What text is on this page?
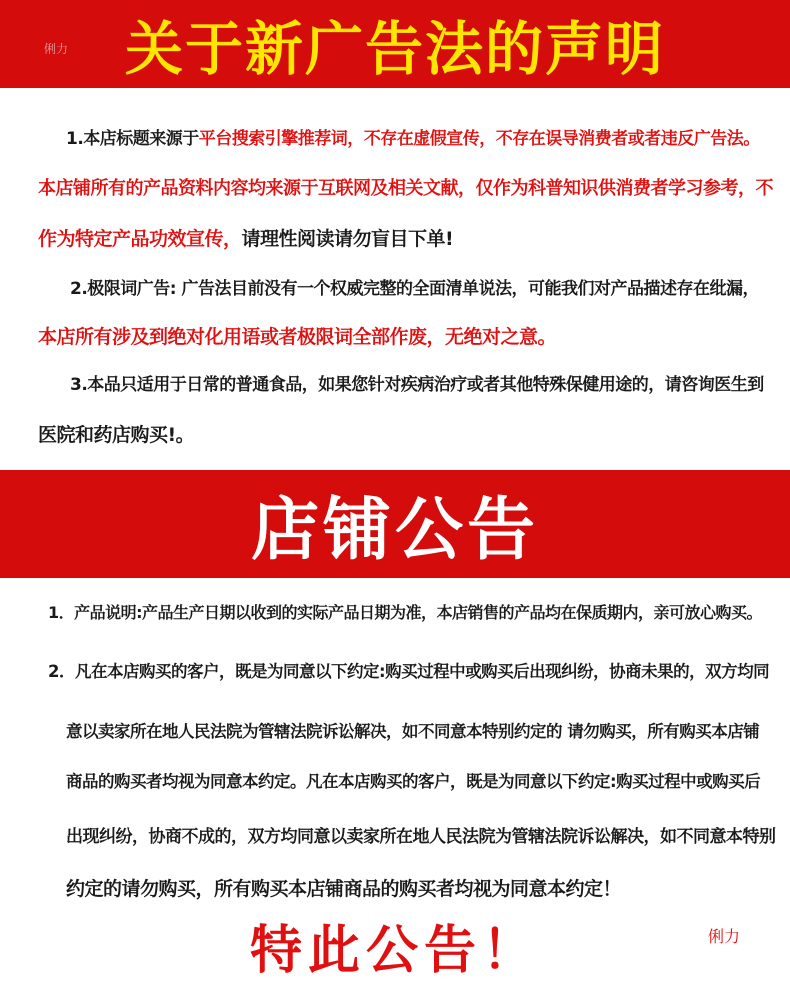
关于新广告法的声明
俐力
1.本店标题来源于平台搜索引擎推荐词，不存在虚假宣传，不存在误导消费者或者违反广告法。
本店铺所有的产品资料内容均来源于互联网及相关文献，仅作为科普知识供消费者学习参考，不
作为特定产品功效宣传，请理性阅读请勿盲目下单!
2.极限词广告: 广告法目前没有一个权威完整的全面清单说法，可能我们对产品描述存在纰漏，
本店所有涉及到绝对化用语或者极限词全部作废，无绝对之意。
3.本品只适用于日常的普通食品，如果您针对疾病治疗或者其他特殊保健用途的，请咨询医生到
医院和药店购买!。
店铺公告
1．产品说明:产品生产日期以收到的实际产品日期为准，本店销售的产品均在保质期内，亲可放心购买。
2．凡在本店购买的客户，既是为同意以下约定:购买过程中或购买后出现纠纷，协商未果的，双方均同
意以卖家所在地人民法院为管辖法院诉讼解决，如不同意本特别约定的 请勿购买，所有购买本店铺
商品的购买者均视为同意本约定。凡在本店购买的客户，既是为同意以下约定:购买过程中或购买后
出现纠纷，协商不成的，双方均同意以卖家所在地人民法院为管辖法院诉讼解决，如不同意本特别
约定的请勿购买，所有购买本店铺商品的购买者均视为同意本约定！
特此公告！	俐力
